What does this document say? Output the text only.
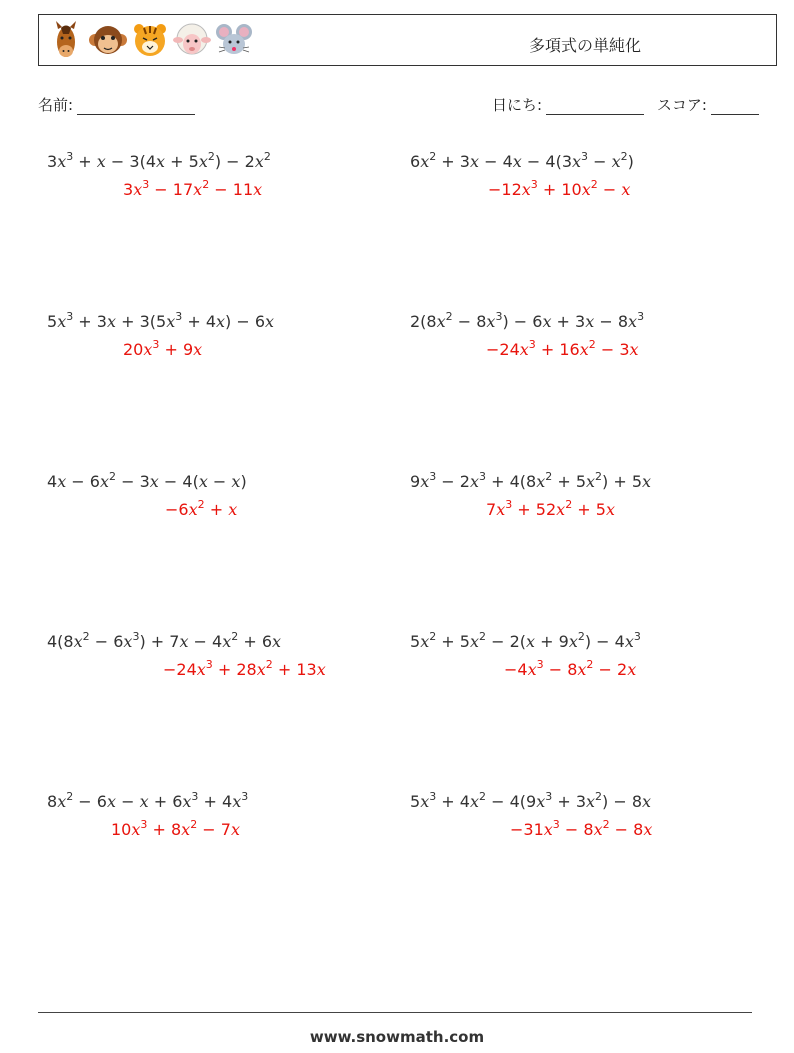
多項式の単純化
名前:	日にち:	スコア:
$3x^3 + x - 3(4x + 5x^2) - 2x^2$
$3x^3 - 17x^2 - 11x$
$6x^2 + 3x - 4x - 4(3x^3 - x^2)$
$-12x^3 + 10x^2 - x$
$5x^3 + 3x + 3(5x^3 + 4x) - 6x$
$20x^3 + 9x$
$2(8x^2 - 8x^3) - 6x + 3x - 8x^3$
$-24x^3 + 16x^2 - 3x$
$4x - 6x^2 - 3x - 4(x - x)$
$-6x^2 + x$
$9x^3 - 2x^3 + 4(8x^2 + 5x^2) + 5x$
$7x^3 + 52x^2 + 5x$
$4(8x^2 - 6x^3) + 7x - 4x^2 + 6x$
$-24x^3 + 28x^2 + 13x$
$5x^2 + 5x^2 - 2(x + 9x^2) - 4x^3$
$-4x^3 - 8x^2 - 2x$
$8x^2 - 6x - x + 6x^3 + 4x^3$
$10x^3 + 8x^2 - 7x$
$5x^3 + 4x^2 - 4(9x^3 + 3x^2) - 8x$
$-31x^3 - 8x^2 - 8x$
www.snowmath.com
